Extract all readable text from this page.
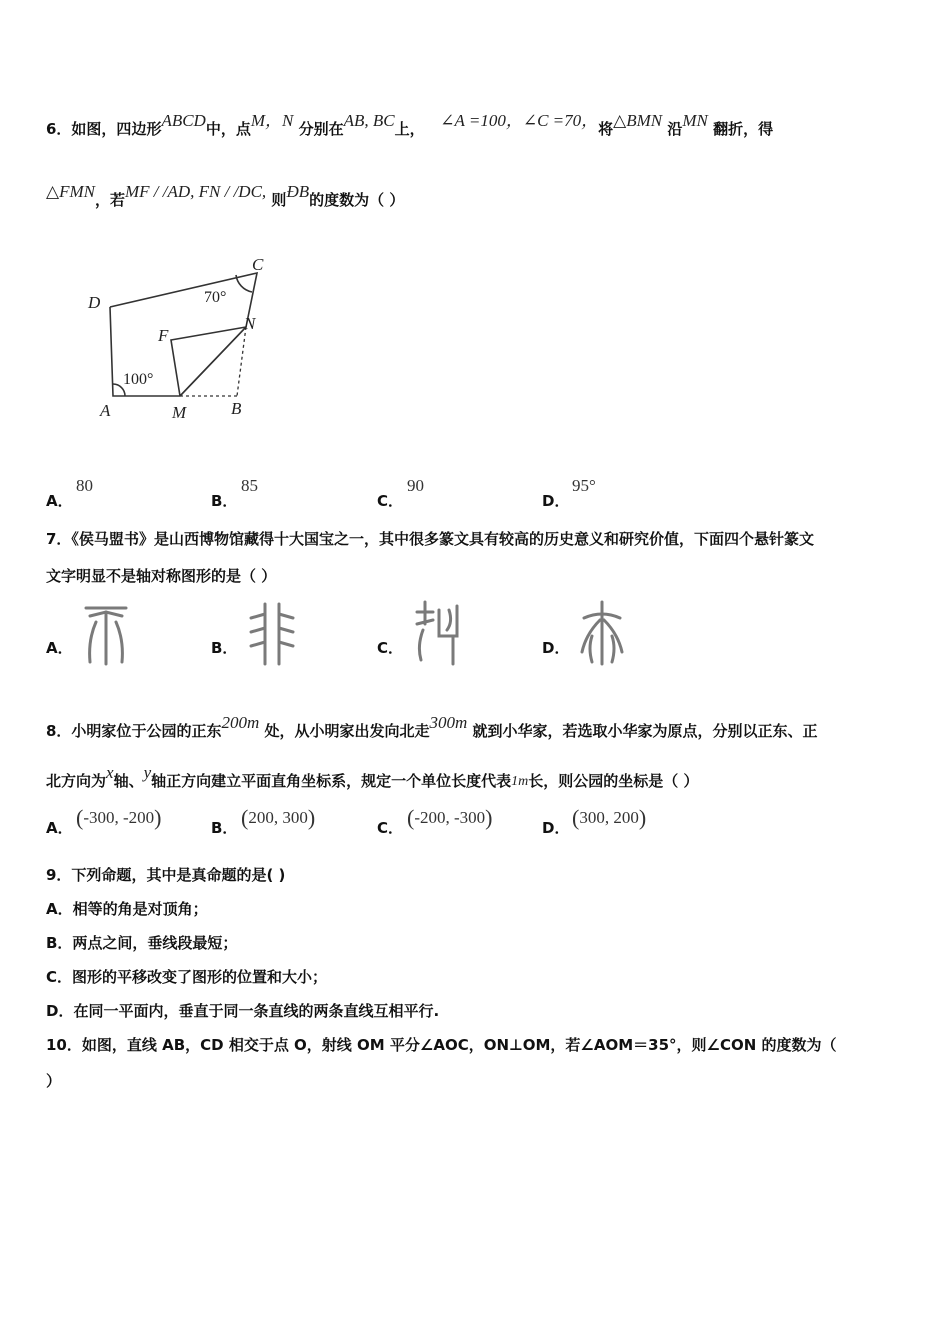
6．如图，四边形ABCD中，点M，N 分别在AB, BC上， ∠A =100，∠C =70，将△BMN 沿MN 翻折，得
△FMN，若MF / /AD, FN / /DC, 则ÐB的度数为（ ）
C
D
F
N
A	M	B
70°
100°
A．
80
B．
85
C．
90
D．
95°
7．《侯马盟书》是山西博物馆藏得十大国宝之一，其中很多篆文具有较高的历史意义和研究价值，下面四个悬针篆文
文字明显不是轴对称图形的是（ ）
A．	B．	C．	D．
8．小明家位于公园的正东200m 处，从小明家出发向北走300m 就到小华家，若选取小华家为原点，分别以正东、正
北方向为x轴、y轴正方向建立平面直角坐标系，规定一个单位长度代表1m长，则公园的坐标是（ ）
A． (-300, -200)	B． (200, 300)	C． (-200, -300)	D． (300, 200)
9．下列命题，其中是真命题的是( )
A．相等的角是对顶角；
B．两点之间，垂线段最短；
C．图形的平移改变了图形的位置和大小；
D．在同一平面内，垂直于同一条直线的两条直线互相平行.
10．如图，直线 AB，CD 相交于点 O，射线 OM 平分∠AOC，ON⊥OM，若∠AOM＝35°，则∠CON 的度数为（
）
